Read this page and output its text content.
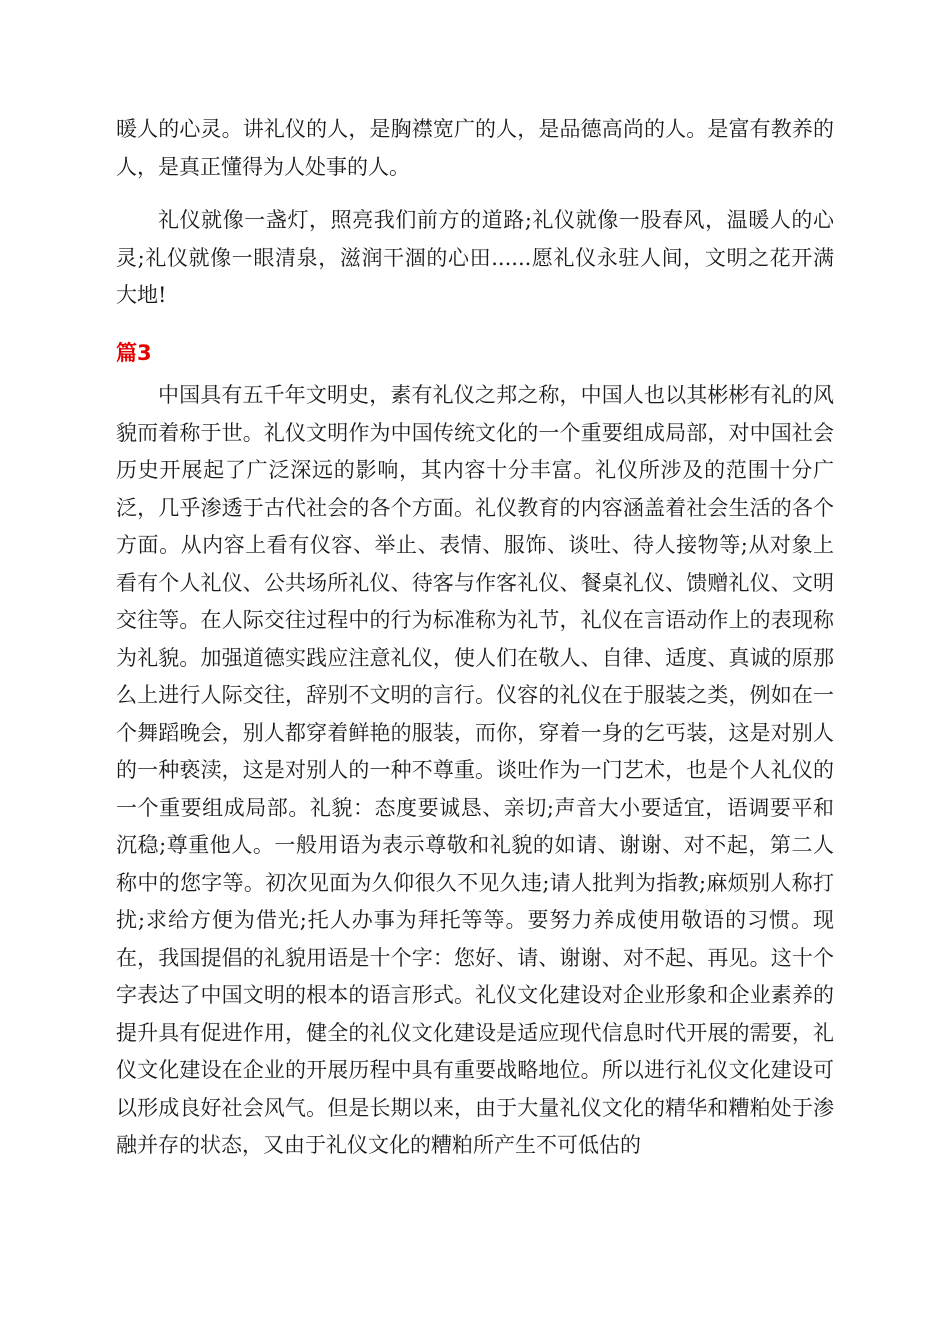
暖人的心灵。讲礼仪的人，是胸襟宽广的人，是品德高尚的人。是富有教养的人，是真正懂得为人处事的人。

礼仪就像一盏灯，照亮我们前方的道路;礼仪就像一股春风，温暖人的心灵;礼仪就像一眼清泉，滋润干涸的心田......愿礼仪永驻人间，文明之花开满大地!

篇3

中国具有五千年文明史，素有礼仪之邦之称，中国人也以其彬彬有礼的风貌而着称于世。礼仪文明作为中国传统文化的一个重要组成局部，对中国社会历史开展起了广泛深远的影响，其内容十分丰富。礼仪所涉及的范围十分广泛，几乎渗透于古代社会的各个方面。礼仪教育的内容涵盖着社会生活的各个方面。从内容上看有仪容、举止、表情、服饰、谈吐、待人接物等;从对象上看有个人礼仪、公共场所礼仪、待客与作客礼仪、餐桌礼仪、馈赠礼仪、文明交往等。在人际交往过程中的行为标准称为礼节，礼仪在言语动作上的表现称为礼貌。加强道德实践应注意礼仪，使人们在敬人、自律、适度、真诚的原那么上进行人际交往，辞别不文明的言行。仪容的礼仪在于服装之类，例如在一个舞蹈晚会，别人都穿着鲜艳的服装，而你，穿着一身的乞丐装，这是对别人的一种亵渎，这是对别人的一种不尊重。谈吐作为一门艺术，也是个人礼仪的一个重要组成局部。礼貌：态度要诚恳、亲切;声音大小要适宜，语调要平和沉稳;尊重他人。一般用语为表示尊敬和礼貌的如请、谢谢、对不起，第二人称中的您字等。初次见面为久仰很久不见久违;请人批判为指教;麻烦别人称打扰;求给方便为借光;托人办事为拜托等等。要努力养成使用敬语的习惯。现在，我国提倡的礼貌用语是十个字：您好、请、谢谢、对不起、再见。这十个字表达了中国文明的根本的语言形式。礼仪文化建设对企业形象和企业素养的提升具有促进作用，健全的礼仪文化建设是适应现代信息时代开展的需要，礼仪文化建设在企业的开展历程中具有重要战略地位。所以进行礼仪文化建设可以形成良好社会风气。但是长期以来，由于大量礼仪文化的精华和糟粕处于渗融并存的状态，又由于礼仪文化的糟粕所产生不可低估的
